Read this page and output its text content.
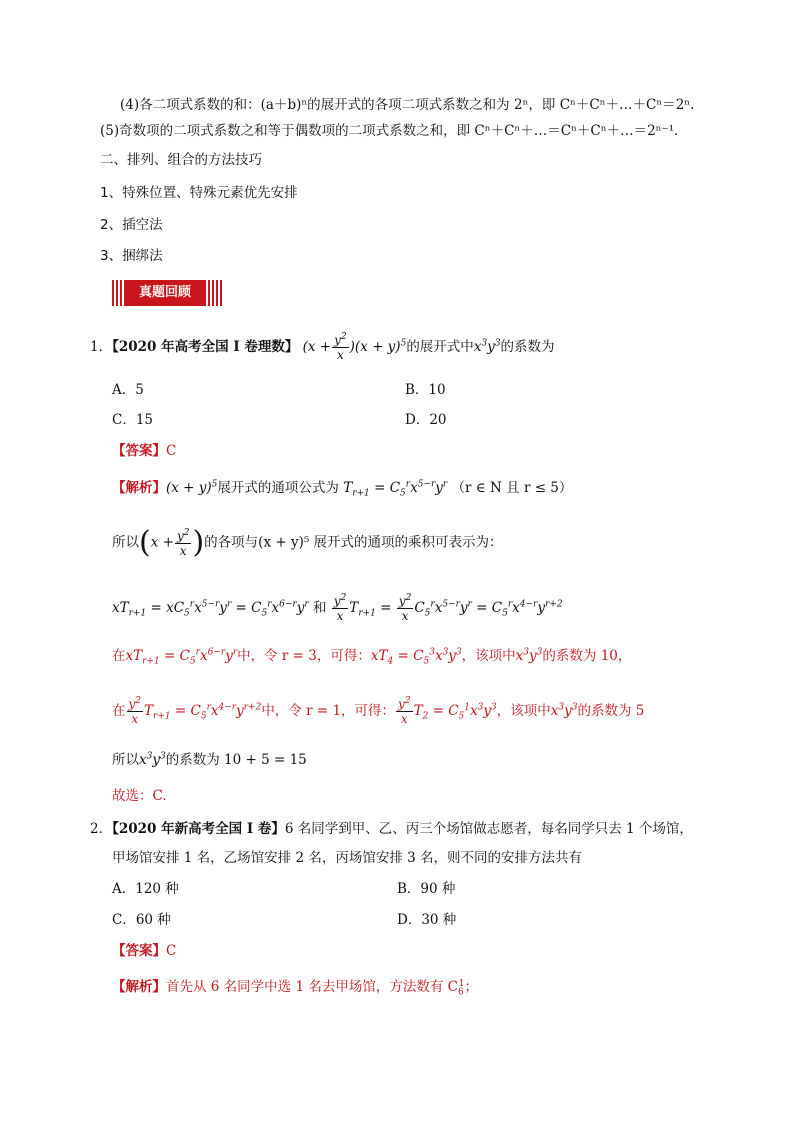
(4)各二项式系数的和：(a＋b)ⁿ的展开式的各项二项式系数之和为 2ⁿ，即 Cⁿ＋Cⁿ＋…＋Cⁿ＝2ⁿ.
(5)奇数项的二项式系数之和等于偶数项的二项式系数之和，即 Cⁿ＋Cⁿ＋…＝Cⁿ＋Cⁿ＋…＝2ⁿ⁻¹．
二、排列、组合的方法技巧
1、特殊位置、特殊元素优先安排
2、插空法
3、捆绑法
真题回顾
1．【2020 年高考全国 I 卷理数】 $(x + \frac{y^2}{x} )(x + y)^5$的展开式中$x^3y^3$的系数为
A．5	B．10
C．15	D．20
【答案】C
【解析】$(x + y)^5$展开式的通项公式为 $T_{r+1} = C_5^rx^{5-r}y^r$ （r ∈ N 且 r ≤ 5）
所以($x + \frac{y^2}{x}$ )的各项与(x + y)⁵ 展开式的通项的乘积可表示为：
$xT_{r+1} = xC_5^rx^{5-r}y^r = C_5^rx^{6-r}y^r$ 和 $\frac{y^2}{x} T_{r+1} = \frac{y^2}{x} C_5^rx^{5-r}y^r = C_5^rx^{4-r}y^{r+2}$
在$xT_{r+1} = C_5^rx^{6-r}y^r$中，令 r = 3，可得：$xT_4 = C_5^3x^3y^3$，该项中$x^3y^3$的系数为 10，
在 $\frac{y^2}{x} T_{r+1} = C_5^rx^{4-r}y^{r+2}$中，令 r = 1，可得： $\frac{y^2}{x} T_2 = C_5^1x^3y^3$，该项中$x^3y^3$的系数为 5
所以$x^3y^3$的系数为 10 + 5 = 15
故选：C.
2．【2020 年新高考全国 I 卷】6 名同学到甲、乙、丙三个场馆做志愿者，每名同学只去 1 个场馆，
甲场馆安排 1 名，乙场馆安排 2 名，丙场馆安排 3 名，则不同的安排方法共有
A．120 种	B．90 种
C．60 种	D．30 种
【答案】C
【解析】首先从 6 名同学中选 1 名去甲场馆，方法数有 $C_6^1$；
